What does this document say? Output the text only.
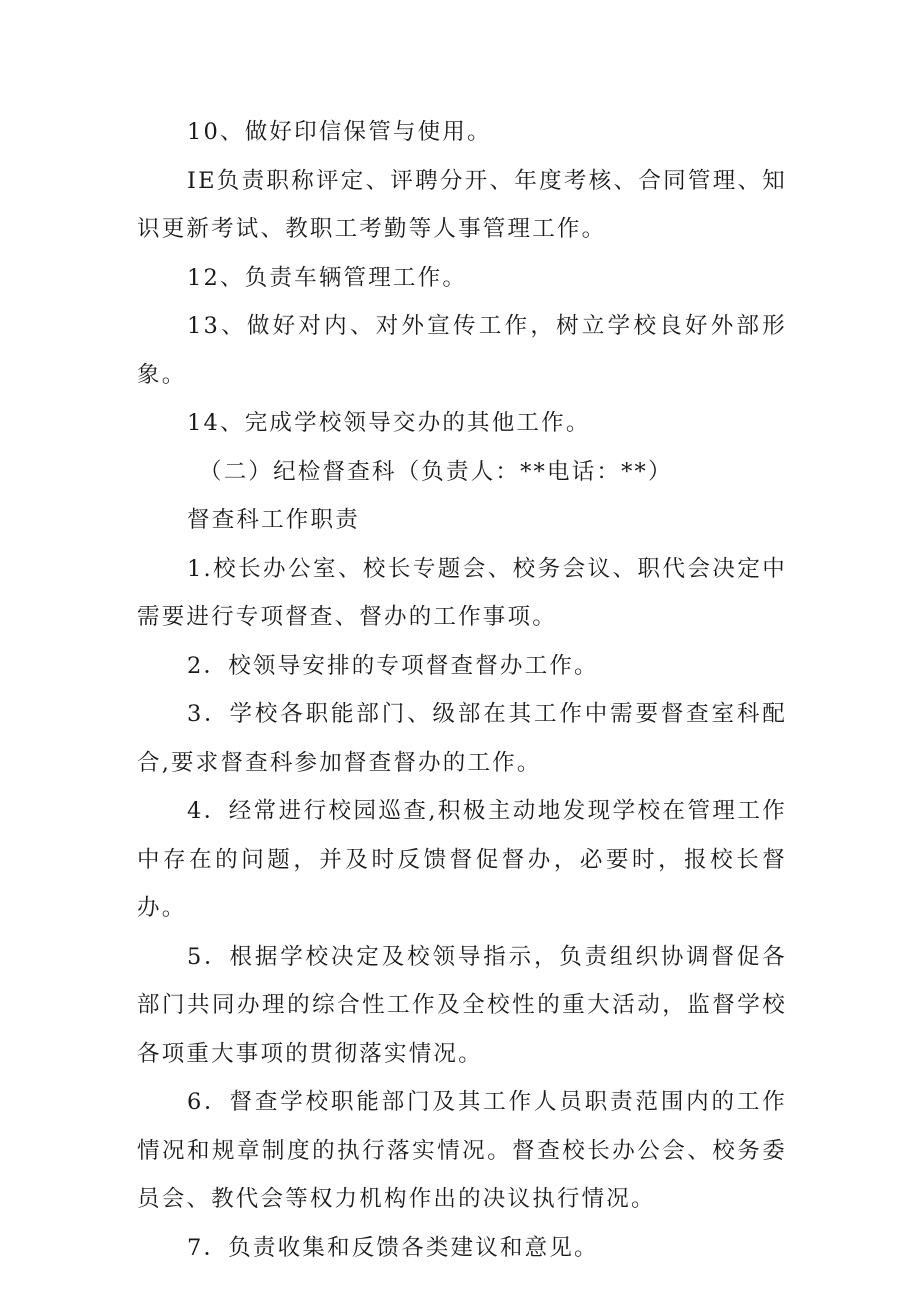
10、做好印信保管与使用。

IE负责职称评定、评聘分开、年度考核、合同管理、知识更新考试、教职工考勤等人事管理工作。

12、负责车辆管理工作。

13、做好对内、对外宣传工作，树立学校良好外部形象。

14、完成学校领导交办的其他工作。

（二）纪检督查科（负责人：**电话：**）

督查科工作职责

1.校长办公室、校长专题会、校务会议、职代会决定中需要进行专项督查、督办的工作事项。

2．校领导安排的专项督查督办工作。

3．学校各职能部门、级部在其工作中需要督查室科配合,要求督查科参加督查督办的工作。

4．经常进行校园巡查,积极主动地发现学校在管理工作中存在的问题，并及时反馈督促督办，必要时，报校长督办。

5．根据学校决定及校领导指示，负责组织协调督促各部门共同办理的综合性工作及全校性的重大活动，监督学校各项重大事项的贯彻落实情况。

6．督查学校职能部门及其工作人员职责范围内的工作情况和规章制度的执行落实情况。督查校长办公会、校务委员会、教代会等权力机构作出的决议执行情况。

7．负责收集和反馈各类建议和意见。
